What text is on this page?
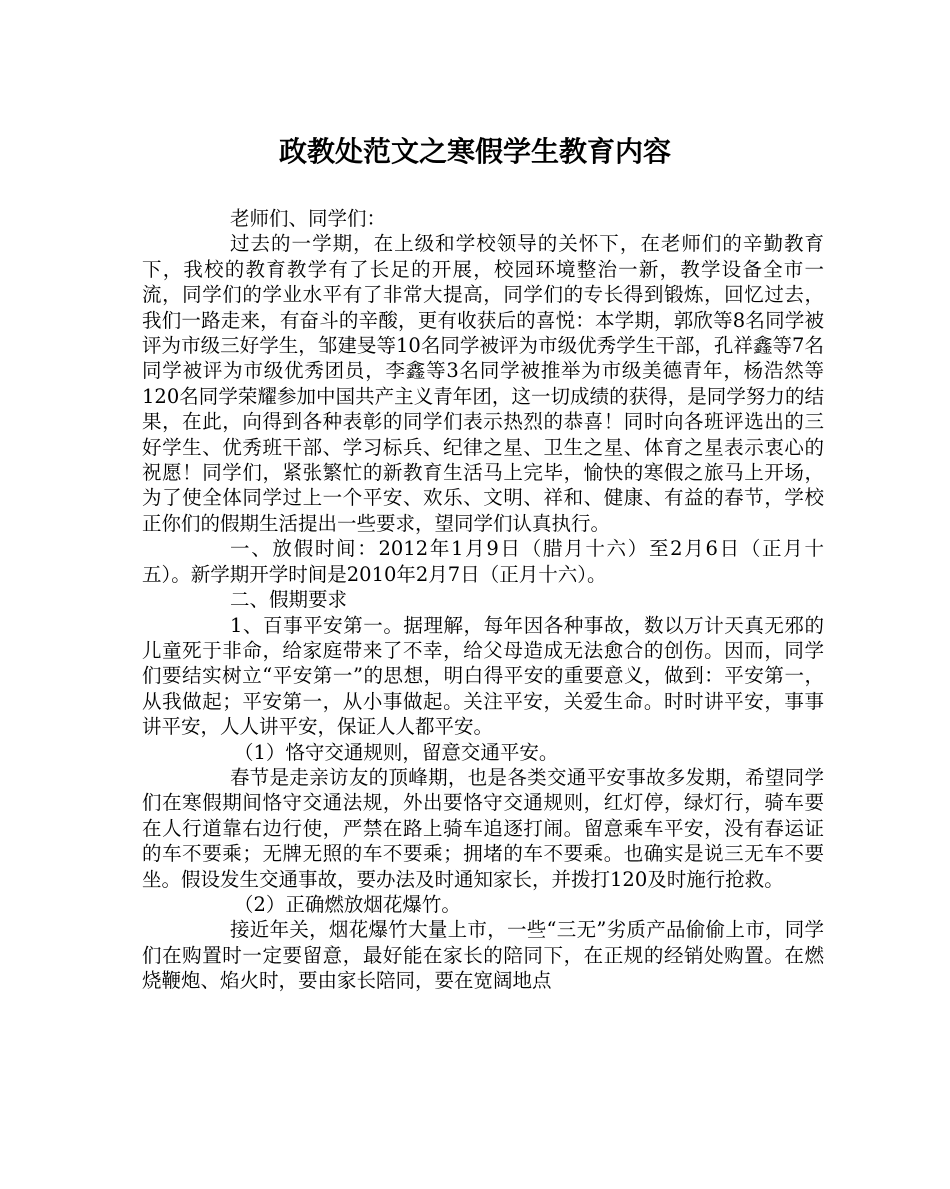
政教处范文之寒假学生教育内容

老师们、同学们：

过去的一学期，在上级和学校领导的关怀下，在老师们的辛勤教育下，我校的教育教学有了长足的开展，校园环境整治一新，教学设备全市一流，同学们的学业水平有了非常大提高，同学们的专长得到锻炼，回忆过去，我们一路走来，有奋斗的辛酸，更有收获后的喜悦：本学期，郭欣等8名同学被评为市级三好学生，邹建旻等10名同学被评为市级优秀学生干部，孔祥鑫等7名同学被评为市级优秀团员，李鑫等3名同学被推举为市级美德青年，杨浩然等120名同学荣耀参加中国共产主义青年团，这一切成绩的获得，是同学努力的结果，在此，向得到各种表彰的同学们表示热烈的恭喜！同时向各班评选出的三好学生、优秀班干部、学习标兵、纪律之星、卫生之星、体育之星表示衷心的祝愿！同学们，紧张繁忙的新教育生活马上完毕，愉快的寒假之旅马上开场，为了使全体同学过上一个平安、欢乐、文明、祥和、健康、有益的春节，学校正你们的假期生活提出一些要求，望同学们认真执行。

一、放假时间：2012年1月9日（腊月十六）至2月6日（正月十五）。新学期开学时间是2010年2月7日（正月十六）。

二、假期要求

1、百事平安第一。据理解，每年因各种事故，数以万计天真无邪的儿童死于非命，给家庭带来了不幸，给父母造成无法愈合的创伤。因而，同学们要结实树立“平安第一”的思想，明白得平安的重要意义，做到：平安第一，从我做起；平安第一，从小事做起。关注平安，关爱生命。时时讲平安，事事讲平安，人人讲平安，保证人人都平安。

（1）恪守交通规则，留意交通平安。

春节是走亲访友的顶峰期，也是各类交通平安事故多发期，希望同学们在寒假期间恪守交通法规，外出要恪守交通规则，红灯停，绿灯行，骑车要在人行道靠右边行使，严禁在路上骑车追逐打闹。留意乘车平安，没有春运证的车不要乘；无牌无照的车不要乘；拥堵的车不要乘。也确实是说三无车不要坐。假设发生交通事故，要办法及时通知家长，并拨打120及时施行抢救。

（2）正确燃放烟花爆竹。

接近年关，烟花爆竹大量上市，一些“三无”劣质产品偷偷上市，同学们在购置时一定要留意，最好能在家长的陪同下，在正规的经销处购置。在燃烧鞭炮、焰火时，要由家长陪同，要在宽阔地点
